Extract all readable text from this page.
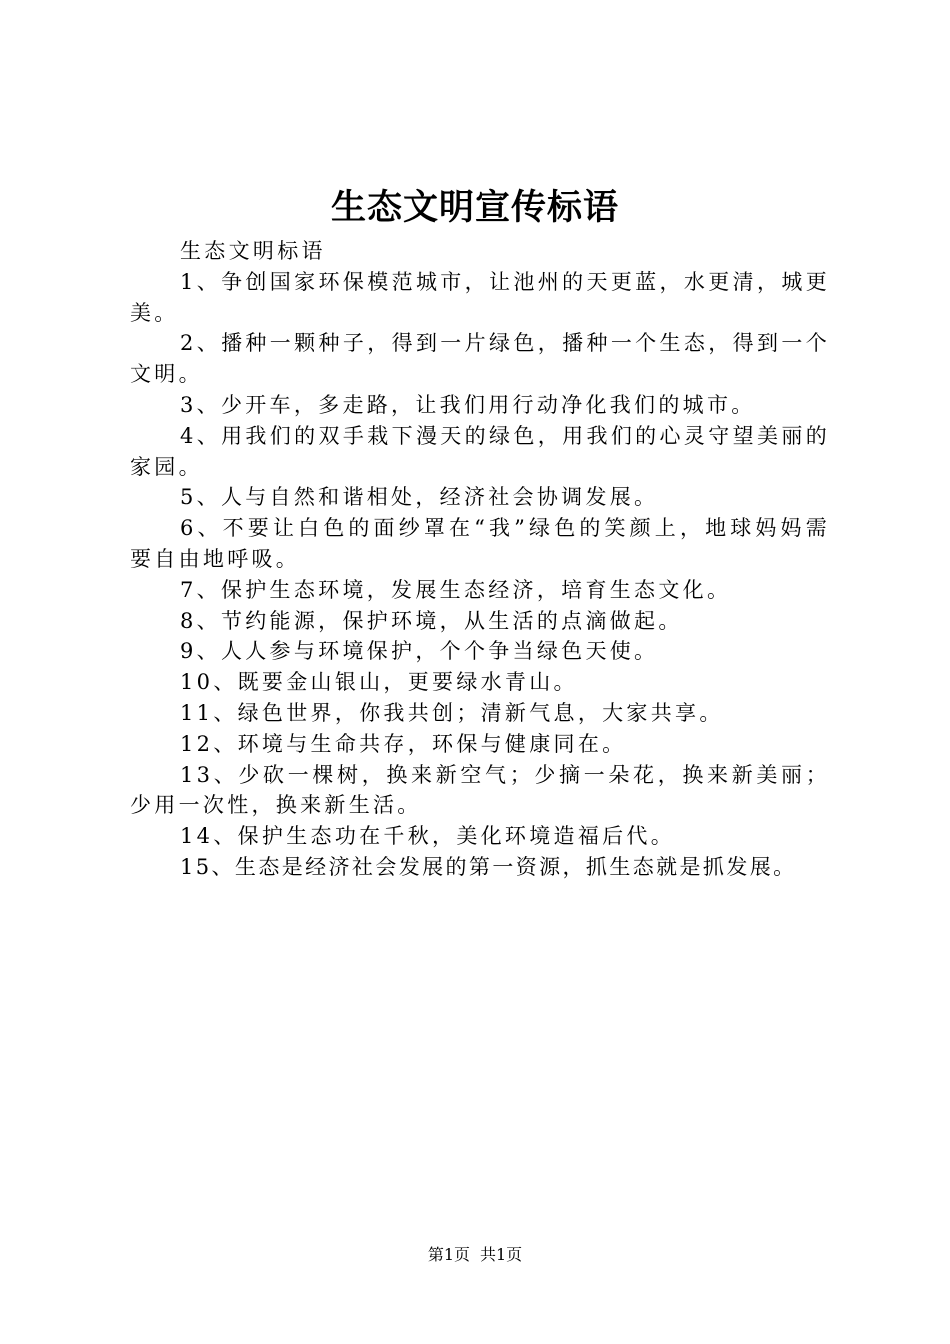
生态文明宣传标语

生态文明标语

1、争创国家环保模范城市，让池州的天更蓝，水更清，城更美。

2、播种一颗种子，得到一片绿色，播种一个生态，得到一个文明。

3、少开车，多走路，让我们用行动净化我们的城市。

4、用我们的双手栽下漫天的绿色，用我们的心灵守望美丽的家园。

5、人与自然和谐相处，经济社会协调发展。

6、不要让白色的面纱罩在“我”绿色的笑颜上，地球妈妈需要自由地呼吸。

7、保护生态环境，发展生态经济，培育生态文化。

8、节约能源，保护环境，从生活的点滴做起。

9、人人参与环境保护，个个争当绿色天使。

10、既要金山银山，更要绿水青山。

11、绿色世界，你我共创；清新气息，大家共享。

12、环境与生命共存，环保与健康同在。

13、少砍一棵树，换来新空气；少摘一朵花，换来新美丽；少用一次性，换来新生活。

14、保护生态功在千秋，美化环境造福后代。

15、生态是经济社会发展的第一资源，抓生态就是抓发展。

第1页 共1页
